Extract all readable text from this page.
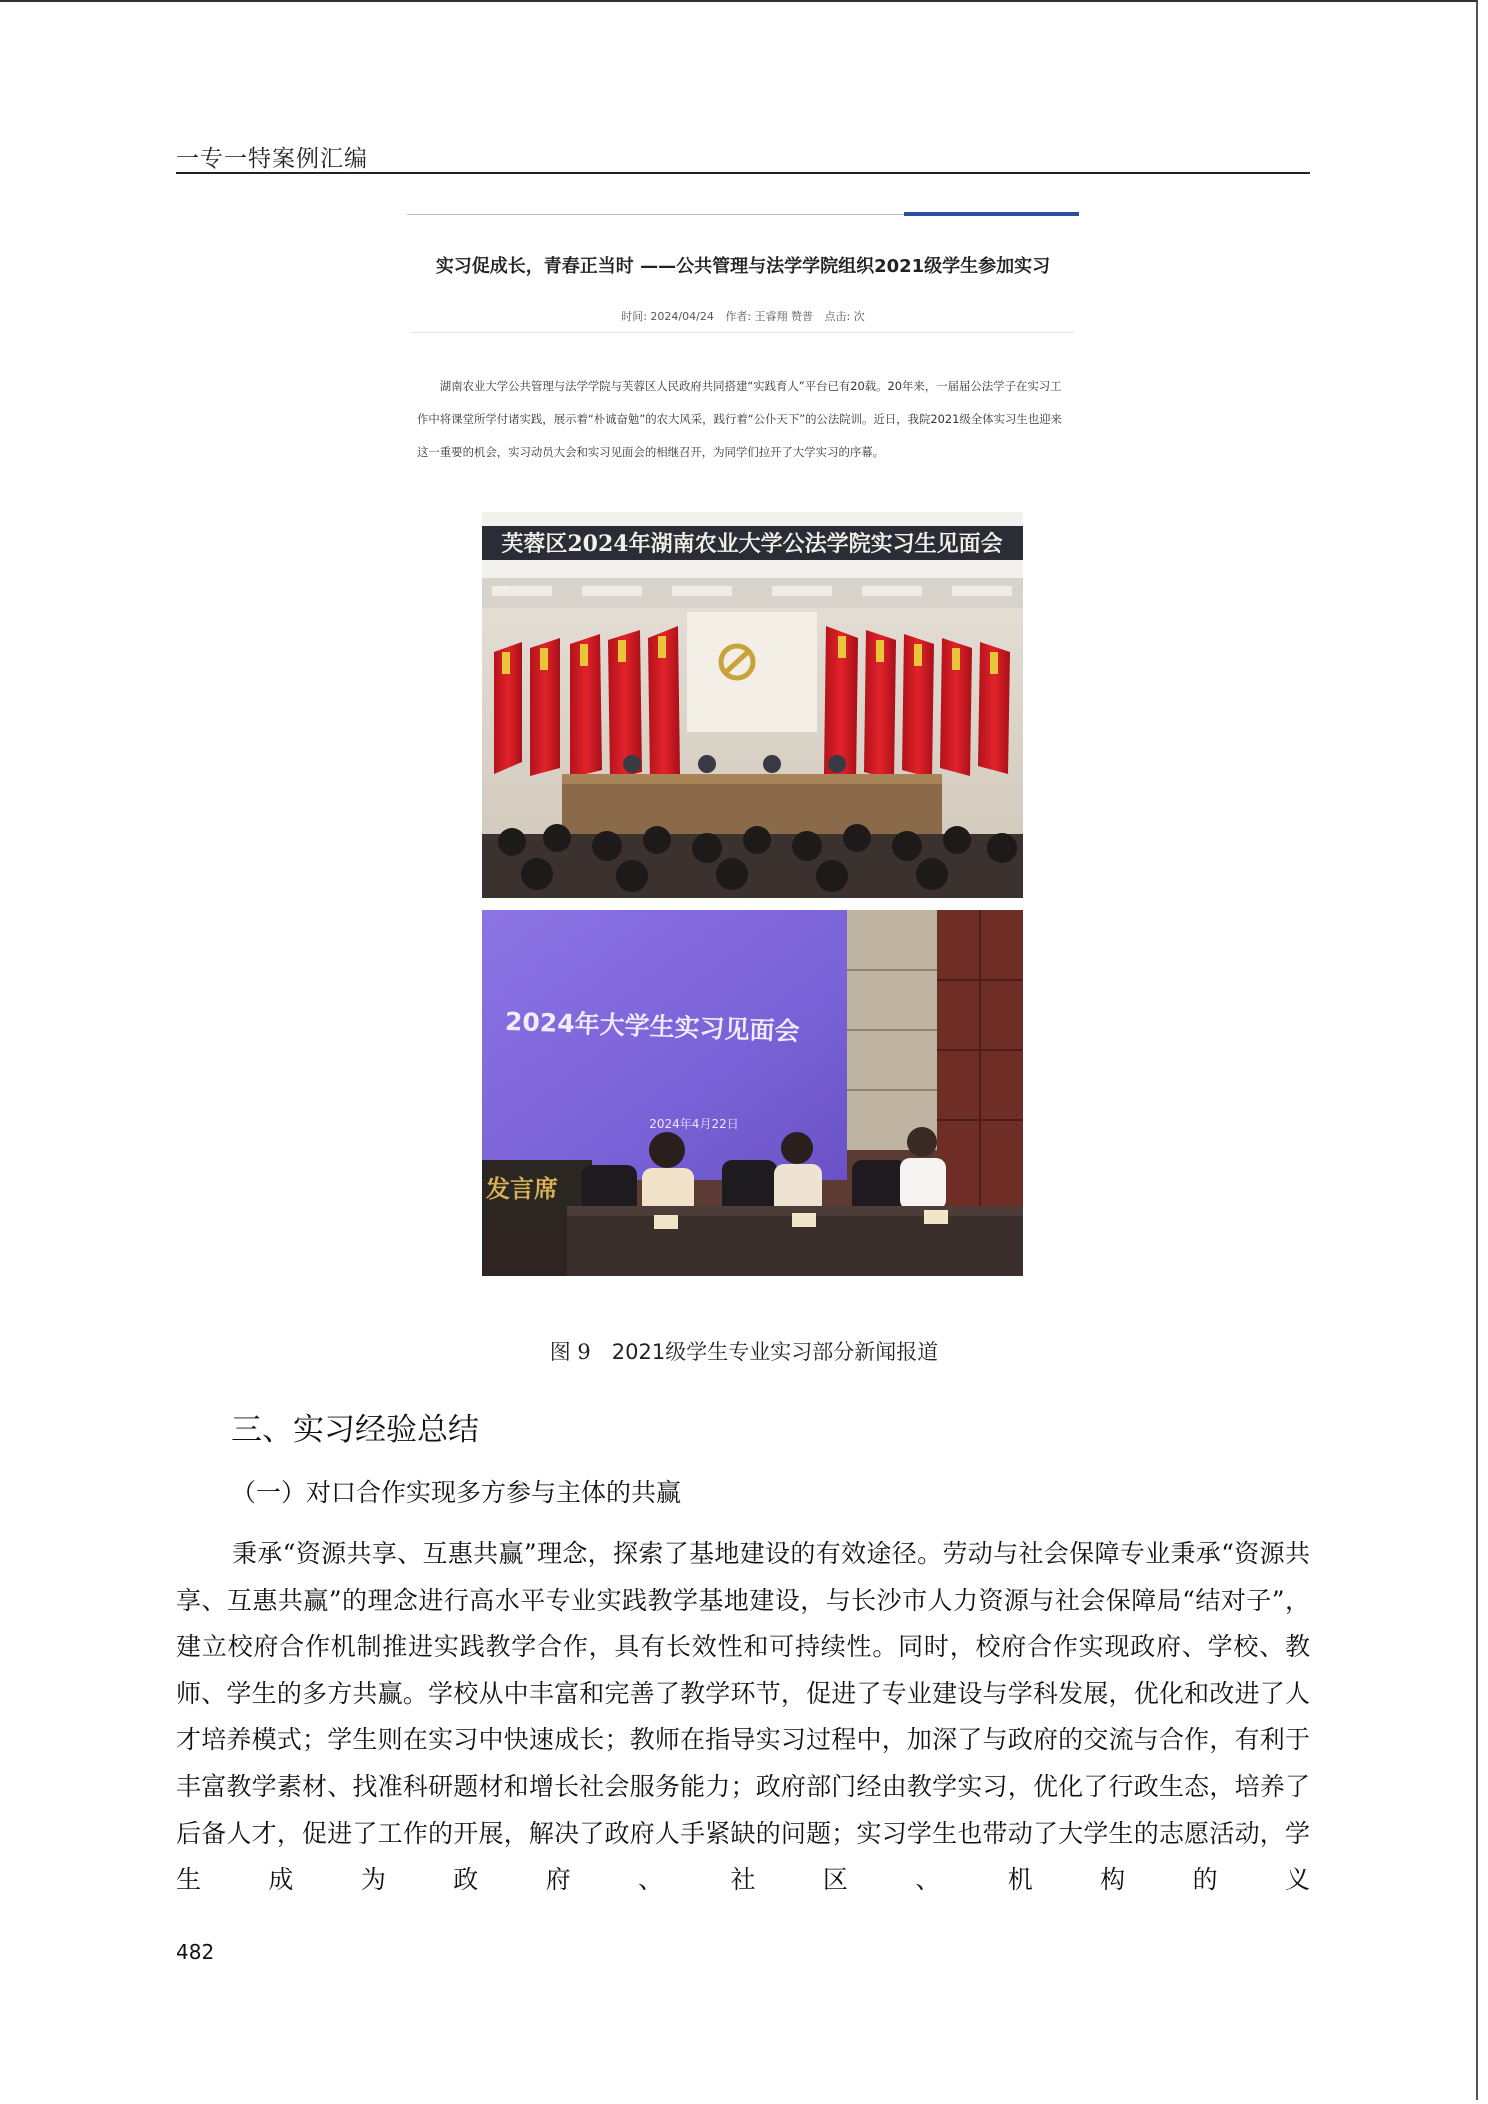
一专一特案例汇编
实习促成长，青春正当时 ——公共管理与法学学院组织2021级学生参加实习
时间: 2024/04/24 作者: 王睿翔 赞普 点击: 次
湖南农业大学公共管理与法学学院与芙蓉区人民政府共同搭建“实践育人”平台已有20载。20年来，一届届公法学子在实习工作中将课堂所学付诸实践，展示着“朴诚奋勉”的农大风采，践行着“公仆天下”的公法院训。近日，我院2021级全体实习生也迎来这一重要的机会，实习动员大会和实习见面会的相继召开，为同学们拉开了大学实习的序幕。
芙蓉区2024年湖南农业大学公法学院实习生见面会
2024年大学生实习见面会
2024年4月22日
发言席
图 9  2021级学生专业实习部分新闻报道
三、实习经验总结
（一）对口合作实现多方参与主体的共赢
秉承“资源共享、互惠共赢”理念，探索了基地建设的有效途径。劳动与社会保障专业秉承“资源共享、互惠共赢”的理念进行高水平专业实践教学基地建设，与长沙市人力资源与社会保障局“结对子”，建立校府合作机制推进实践教学合作，具有长效性和可持续性。同时，校府合作实现政府、学校、教师、学生的多方共赢。学校从中丰富和完善了教学环节，促进了专业建设与学科发展，优化和改进了人才培养模式；学生则在实习中快速成长；教师在指导实习过程中，加深了与政府的交流与合作，有利于丰富教学素材、找准科研题材和增长社会服务能力；政府部门经由教学实习，优化了行政生态，培养了后备人才，促进了工作的开展，解决了政府人手紧缺的问题；实习学生也带动了大学生的志愿活动，学生成为政府、社区、机构的义
482
